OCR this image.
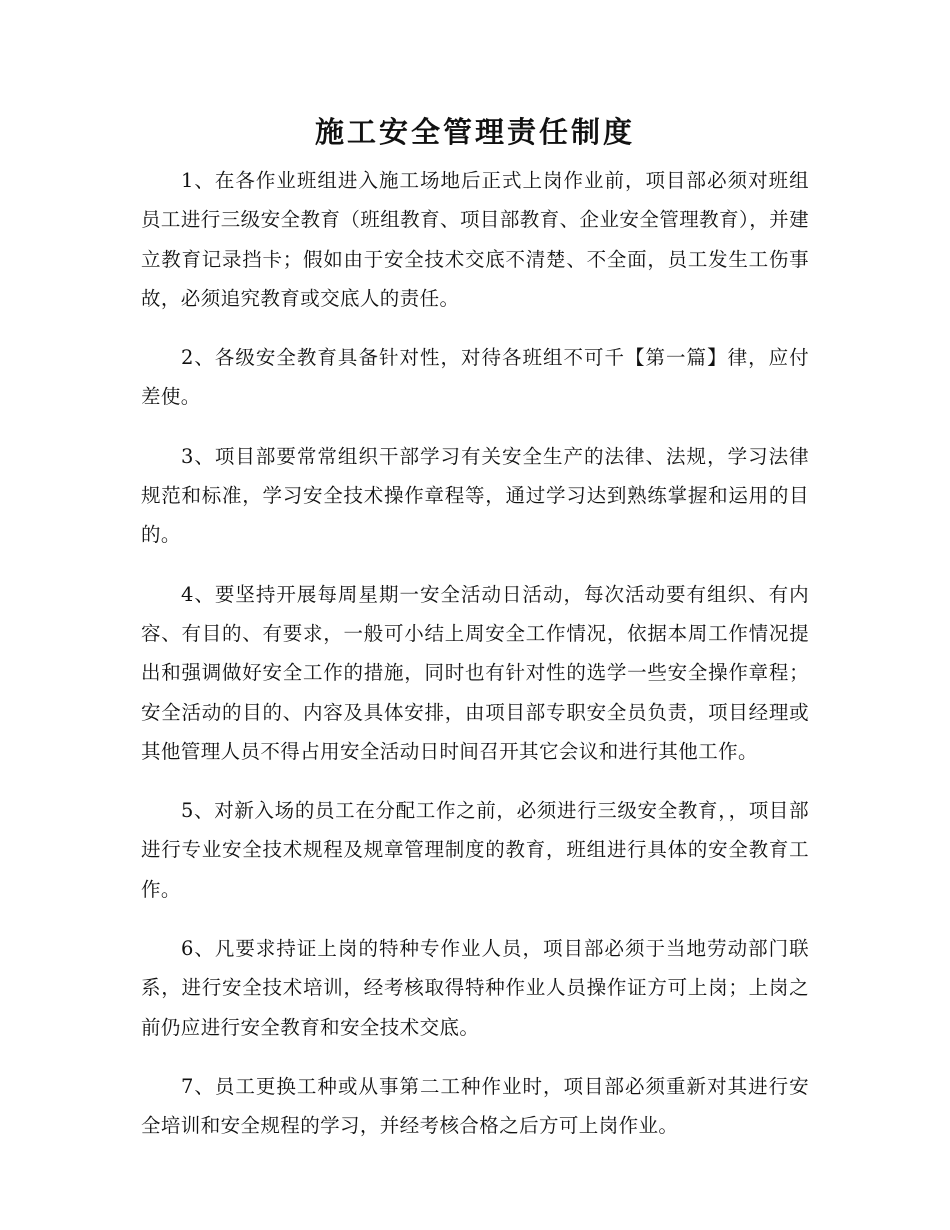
施工安全管理责任制度

1、在各作业班组进入施工场地后正式上岗作业前，项目部必须对班组员工进行三级安全教育（班组教育、项目部教育、企业安全管理教育），并建立教育记录挡卡；假如由于安全技术交底不清楚、不全面，员工发生工伤事故，必须追究教育或交底人的责任。

2、各级安全教育具备针对性，对待各班组不可千【第一篇】律，应付差使。

3、项目部要常常组织干部学习有关安全生产的法律、法规，学习法律规范和标准，学习安全技术操作章程等，通过学习达到熟练掌握和运用的目的。

4、要坚持开展每周星期一安全活动日活动，每次活动要有组织、有内容、有目的、有要求，一般可小结上周安全工作情况，依据本周工作情况提出和强调做好安全工作的措施，同时也有针对性的选学一些安全操作章程；安全活动的目的、内容及具体安排，由项目部专职安全员负责，项目经理或其他管理人员不得占用安全活动日时间召开其它会议和进行其他工作。

5、对新入场的员工在分配工作之前，必须进行三级安全教育，，项目部进行专业安全技术规程及规章管理制度的教育，班组进行具体的安全教育工作。

6、凡要求持证上岗的特种专作业人员，项目部必须于当地劳动部门联系，进行安全技术培训，经考核取得特种作业人员操作证方可上岗；上岗之前仍应进行安全教育和安全技术交底。

7、员工更换工种或从事第二工种作业时，项目部必须重新对其进行安全培训和安全规程的学习，并经考核合格之后方可上岗作业。
